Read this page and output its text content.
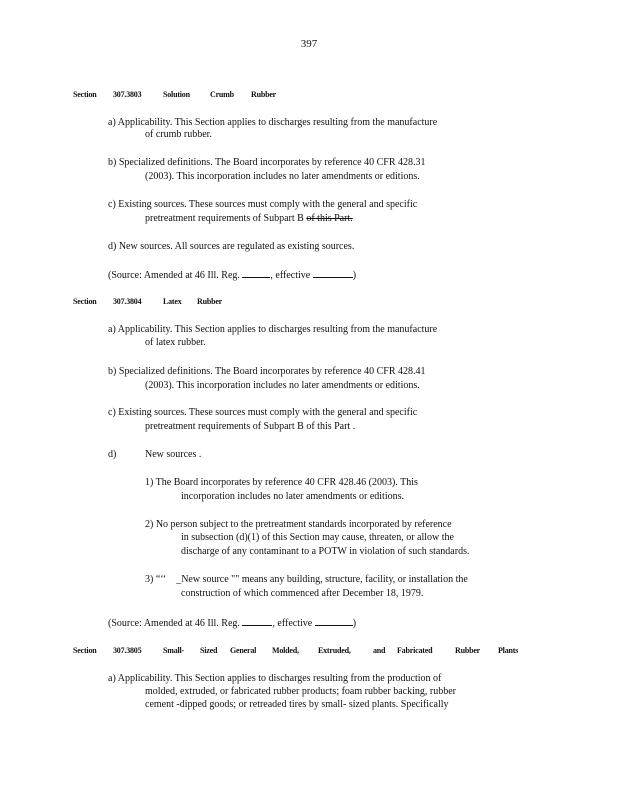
397
Section 307.3803	Solution	Crumb Rubber
a) Applicability. This Section applies to discharges resulting from the manufacture
of crumb rubber.
b) Specialized definitions. The Board incorporates by reference 40 CFR 428.31
(2003). This incorporation includes no later amendments or editions.
c) Existing sources. These sources must comply with the general and specific
pretreatment requirements of Subpart B of this Part.
d) New sources. All sources are regulated as existing sources.
(Source: Amended at 46 Ill. Reg.	, effective	)
Section 307.3804	Latex Rubber
a) Applicability. This Section applies to discharges resulting from the manufacture
of latex rubber.
b) Specialized definitions. The Board incorporates by reference 40 CFR 428.41
(2003). This incorporation includes no later amendments or editions.
c) Existing sources. These sources must comply with the general and specific
pretreatment requirements of Subpart B of this Part .
d)	New sources .
1) The Board incorporates by reference 40 CFR 428.46 (2003). This
incorporation includes no later amendments or editions.
2) No person subject to the pretreatment standards incorporated by reference
in subsection (d)(1) of this Section may cause, threaten, or allow the
discharge of any contaminant to a POTW in violation of such standards.
3) “‘‘ _New source "" means any building, structure, facility, or installation the
construction of which commenced after December 18, 1979.
(Source: Amended at 46 Ill. Reg.	, effective	)
Section 307.3805	Small- Sized General Molded, Extruded,	and Fabricated	Rubber Plants
a) Applicability. This Section applies to discharges resulting from the production of
molded, extruded, or fabricated rubber products; foam rubber backing, rubber
cement -dipped goods; or retreaded tires by small- sized plants. Specifically
